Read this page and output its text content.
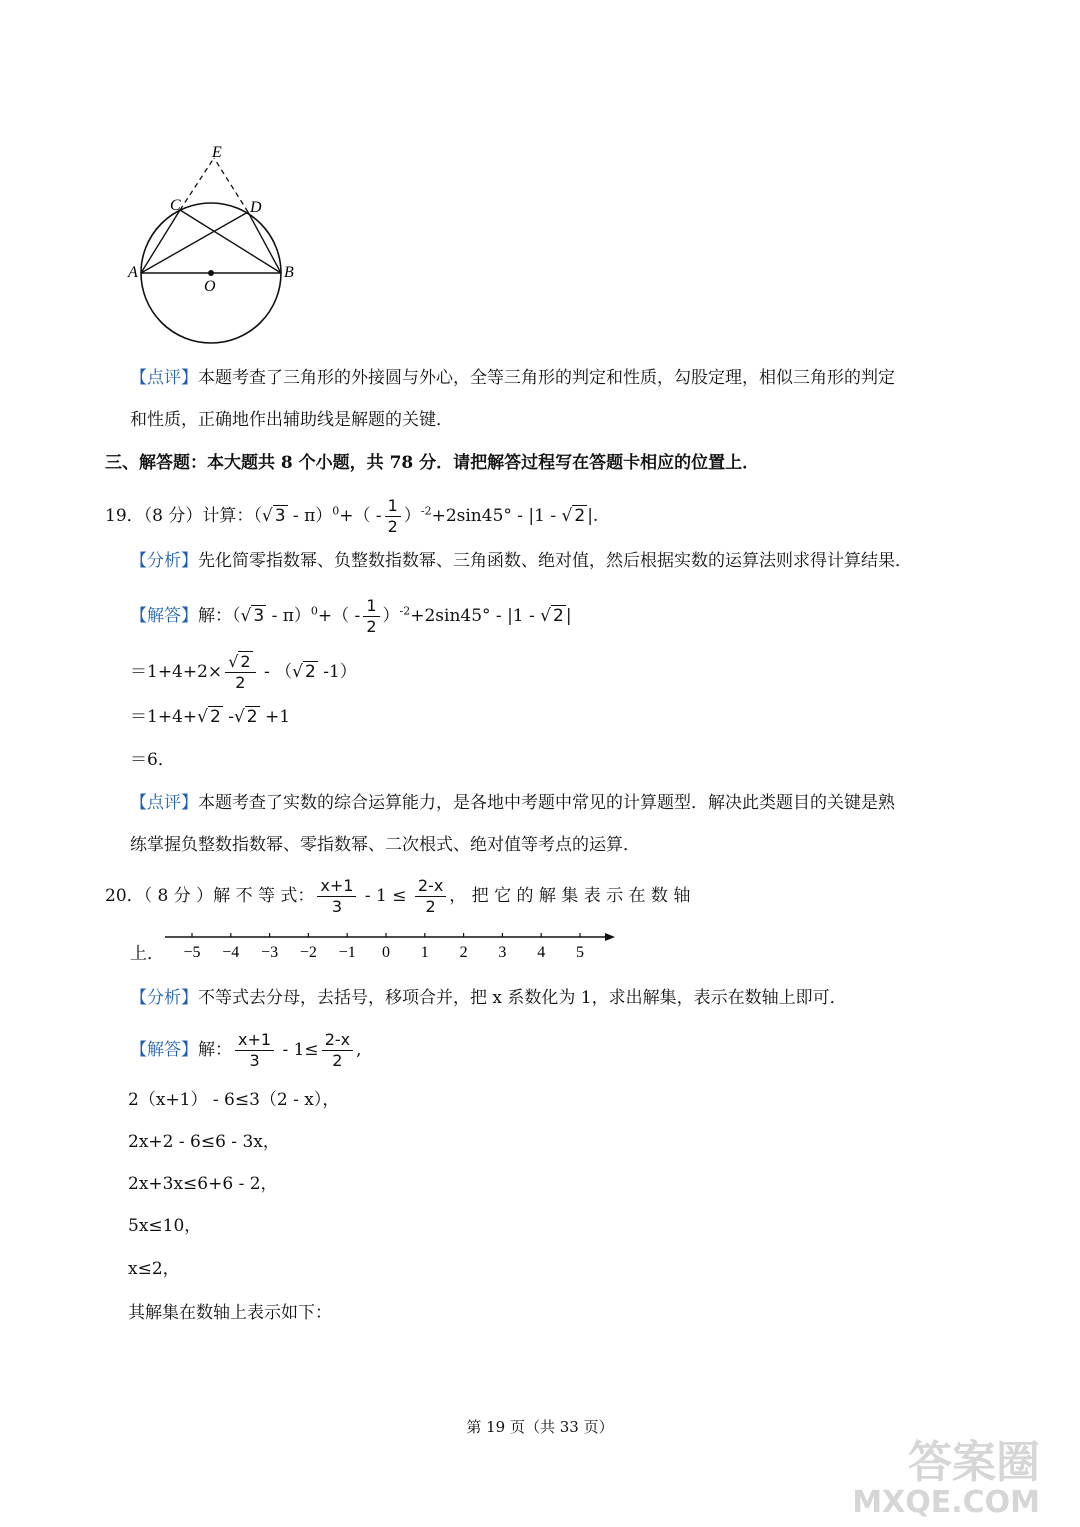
E
C	D
A	B
O
【点评】本题考查了三角形的外接圆与外心，全等三角形的判定和性质，勾股定理，相似三角形的判定
和性质，正确地作出辅助线是解题的关键．
三、解答题：本大题共 8 个小题，共 78 分．请把解答过程写在答题卡相应的位置上．
19．（8 分）计算：（√ $3 - \pi)^0+( - \frac{1}{2} )^{-2}+2\sin 45^\circ - |1$ - √ 2 |.
【分析】先化简零指数幂、负整数指数幂、三角函数、绝对值，然后根据实数的运算法则求得计算结果．
【解答】解：（√ $3 - \pi)^0+( - \frac{1}{2} )^{-2}+2\sin 45^\circ - |1$ - √ 2 |
$=1+4+2\times \frac{√ 2}{2}$ - （√ 2 -1）
＝1+4+√ 2 -√ 2 +1
＝6．
【点评】本题考查了实数的综合运算能力，是各地中考题中常见的计算题型．解决此类题目的关键是熟
练掌握负整数指数幂、零指数幂、二次根式、绝对值等考点的运算．
20．（ 8 分 ）解 不 等 式： $\frac{x+1}{3} - 1 \le \frac{2-x}{2}$ ， 把 它 的 解 集 表 示 在 数 轴
上． −5 −4 −3 −2 −1 0 1 2 3 4 5
【分析】不等式去分母，去括号，移项合并，把 x 系数化为 1，求出解集，表示在数轴上即可．
【解答】解： $\frac{x+1}{3} - 1\le \frac{2-x}{2}$ ,
2（x+1） - 6≤3（2 - x），
2x+2 - 6≤6 - 3x，
2x+3x≤6+6 - 2，
5x≤10，
x≤2，
其解集在数轴上表示如下：
第 19 页（共 33 页）
答案圈
MXQE.COM
